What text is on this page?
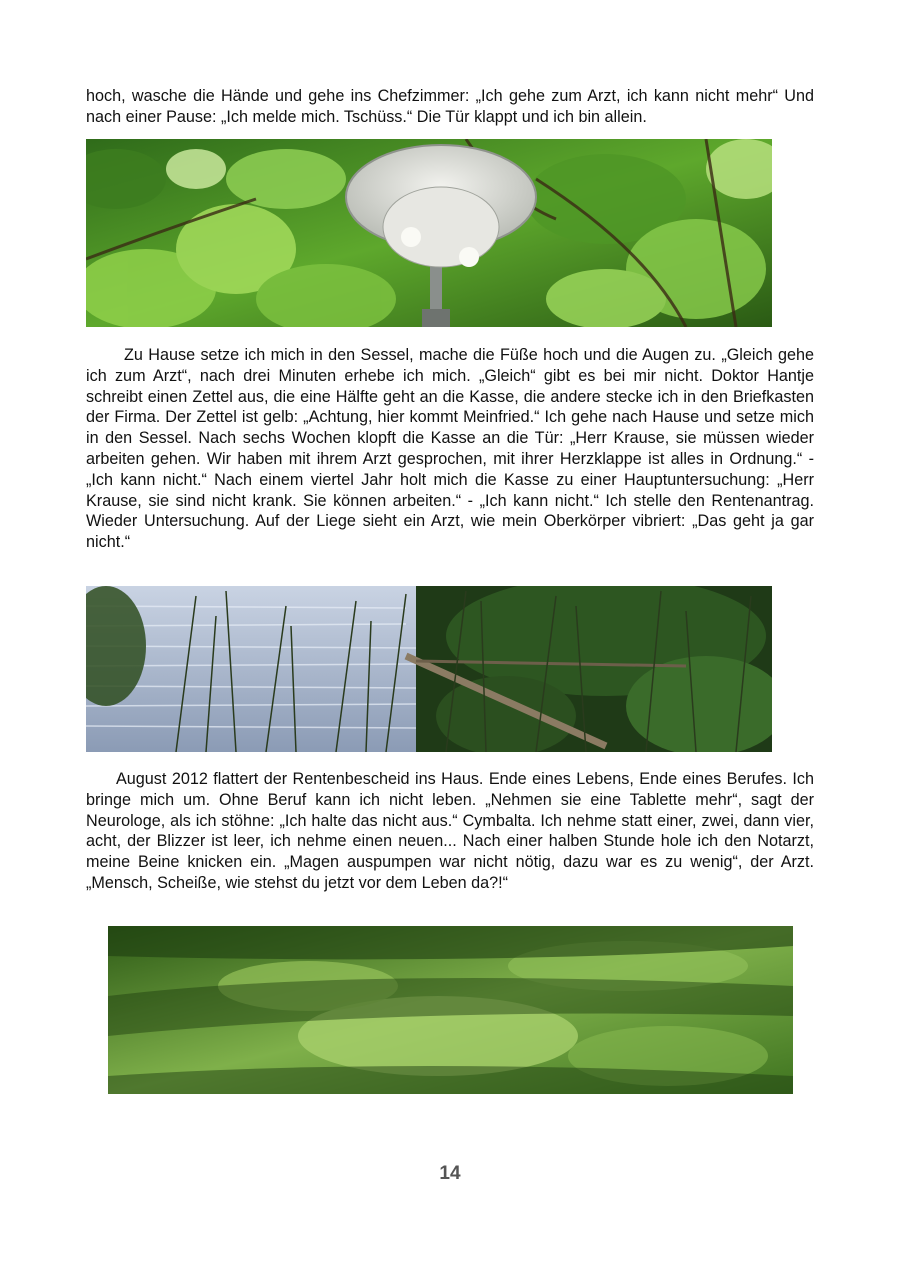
hoch, wasche die Hände und gehe ins Chefzimmer: „Ich gehe zum Arzt, ich kann nicht mehr“ Und nach einer Pause: „Ich melde mich. Tschüss.“ Die Tür klappt und ich bin allein.

Zu Hause setze ich mich in den Sessel, mache die Füße hoch und die Augen zu. „Gleich gehe ich zum Arzt“, nach drei Minuten erhebe ich mich. „Gleich“ gibt es bei mir nicht. Doktor Hantje schreibt einen Zettel aus, die eine Hälfte geht an die Kasse, die andere stecke ich in den Briefkasten der Firma. Der Zettel ist gelb: „Achtung, hier kommt Meinfried.“ Ich gehe nach Hause und setze mich in den Sessel. Nach sechs Wochen klopft die Kasse an die Tür: „Herr Krause, sie müssen wieder arbeiten gehen. Wir haben mit ihrem Arzt gesprochen, mit ihrer Herzklappe ist alles in Ordnung.“ - „Ich kann nicht.“ Nach einem viertel Jahr holt mich die Kasse zu einer Hauptuntersuchung: „Herr Krause, sie sind nicht krank. Sie können arbeiten.“ - „Ich kann nicht.“ Ich stelle den Rentenantrag. Wieder Untersuchung. Auf der Liege sieht ein Arzt, wie mein Oberkörper vibriert: „Das geht ja gar nicht.“

August 2012 flattert der Rentenbescheid ins Haus. Ende eines Lebens, Ende eines Berufes. Ich bringe mich um. Ohne Beruf kann ich nicht leben. „Nehmen sie eine Tablette mehr“, sagt der Neurologe, als ich stöhne: „Ich halte das nicht aus.“ Cymbalta. Ich nehme statt einer, zwei, dann vier, acht, der Blizzer ist leer, ich nehme einen neuen... Nach einer halben Stunde hole ich den Notarzt, meine Beine knicken ein. „Magen auspumpen war nicht nötig, dazu war es zu wenig“, der Arzt. „Mensch, Scheiße, wie stehst du jetzt vor dem Leben da?!“

14
